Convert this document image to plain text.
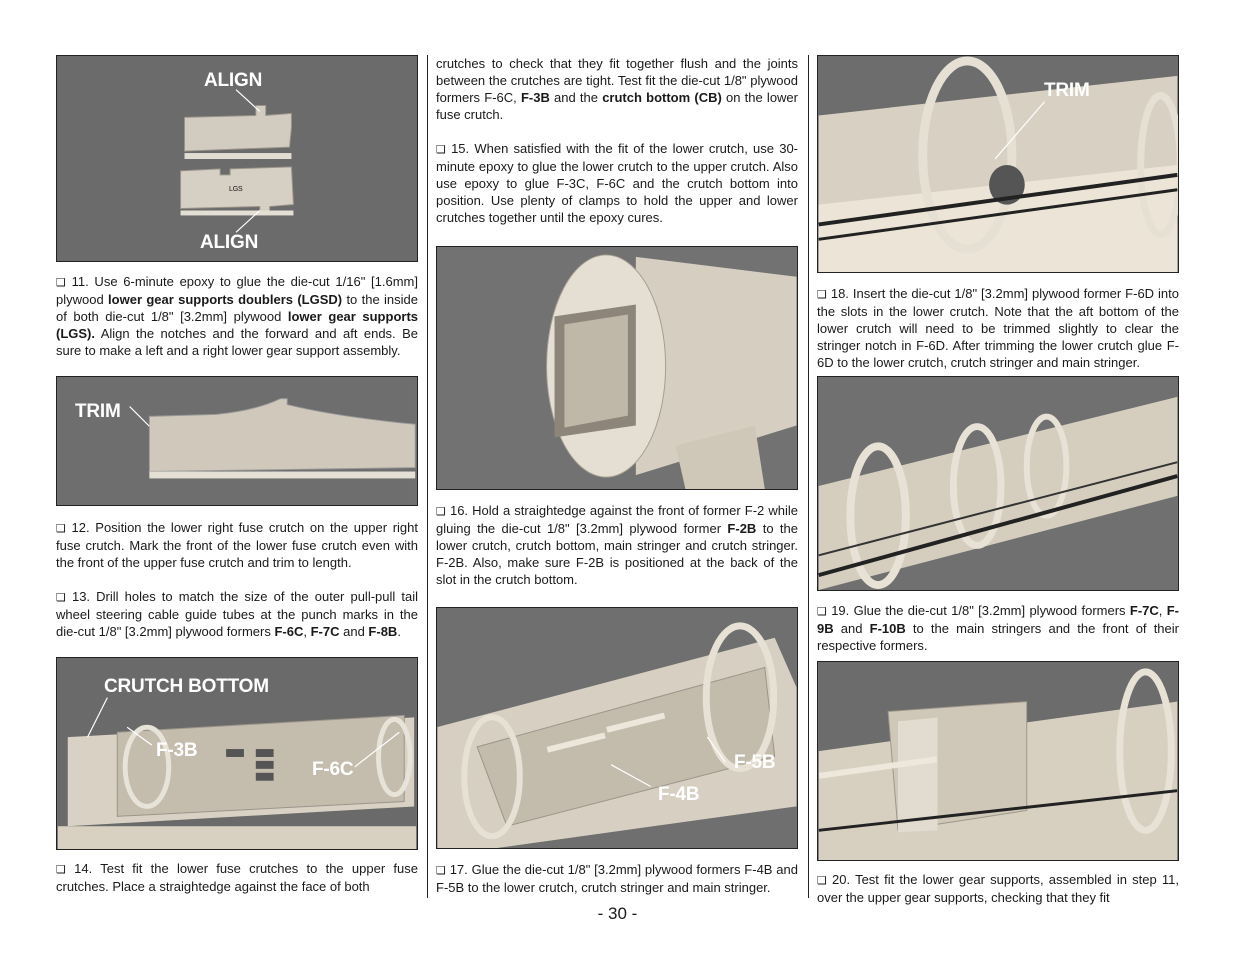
ALIGN
ALIGN
LGS

❑ 11. Use 6-minute epoxy to glue the die-cut 1/16" [1.6mm] plywood lower gear supports doublers (LGSD) to the inside of both die-cut 1/8" [3.2mm] plywood lower gear supports (LGS). Align the notches and the forward and aft ends. Be sure to make a left and a right lower gear support assembly.

TRIM

❑ 12. Position the lower right fuse crutch on the upper right fuse crutch. Mark the front of the lower fuse crutch even with the front of the upper fuse crutch and trim to length.

❑ 13. Drill holes to match the size of the outer pull-pull tail wheel steering cable guide tubes at the punch marks in the die-cut 1/8" [3.2mm] plywood formers F-6C, F-7C and F-8B.

CRUTCH BOTTOM
F-3B
F-6C

❑ 14. Test fit the lower fuse crutches to the upper fuse crutches. Place a straightedge against the face of both

crutches to check that they fit together flush and the joints between the crutches are tight. Test fit the die-cut 1/8" plywood formers F-6C, F-3B and the crutch bottom (CB) on the lower fuse crutch.

❑ 15. When satisfied with the fit of the lower crutch, use 30-minute epoxy to glue the lower crutch to the upper crutch. Also use epoxy to glue F-3C, F-6C and the crutch bottom into position. Use plenty of clamps to hold the upper and lower crutches together until the epoxy cures.

❑ 16. Hold a straightedge against the front of former F-2 while gluing the die-cut 1/8" [3.2mm] plywood former F-2B to the lower crutch, crutch bottom, main stringer and crutch stringer. F-2B. Also, make sure F-2B is positioned at the back of the slot in the crutch bottom.

F-5B
F-4B

❑ 17. Glue the die-cut 1/8" [3.2mm] plywood formers F-4B and F-5B to the lower crutch, crutch stringer and main stringer.

TRIM

❑ 18. Insert the die-cut 1/8" [3.2mm] plywood former F-6D into the slots in the lower crutch. Note that the aft bottom of the lower crutch will need to be trimmed slightly to clear the stringer notch in F-6D. After trimming the lower crutch glue F-6D to the lower crutch, crutch stringer and main stringer.

❑ 19. Glue the die-cut 1/8" [3.2mm] plywood formers F-7C, F-9B and F-10B to the main stringers and the front of their respective formers.

❑ 20. Test fit the lower gear supports, assembled in step 11, over the upper gear supports, checking that they fit

- 30 -
